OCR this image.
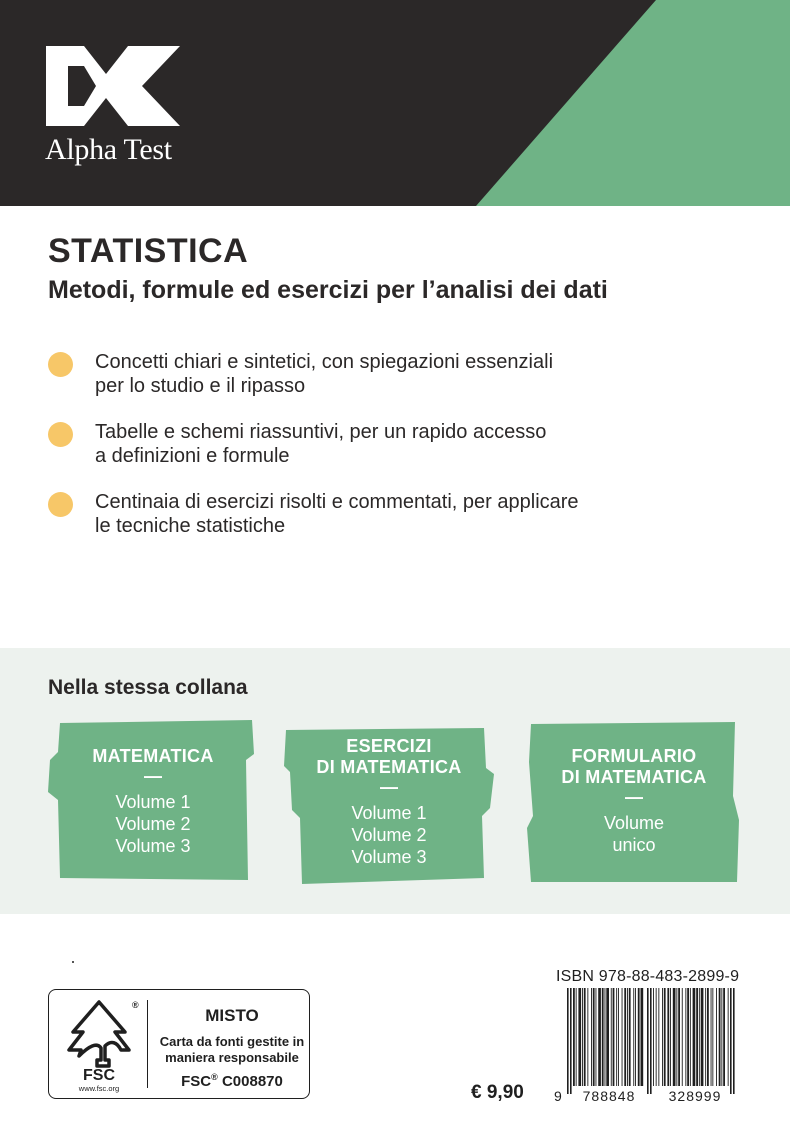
Alpha Test
STATISTICA
Metodi, formule ed esercizi per l’analisi dei dati
Concetti chiari e sintetici, con spiegazioni essenziali
per lo studio e il ripasso
Tabelle e schemi riassuntivi, per un rapido accesso
a definizioni e formule
Centinaia di esercizi risolti e commentati, per applicare
le tecniche statistiche
Nella stessa collana
MATEMATICA
—
Volume 1
Volume 2
Volume 3
ESERCIZI
DI MATEMATICA
—
Volume 1
Volume 2
Volume 3
FORMULARIO
DI MATEMATICA
—
Volume
unico
®
FSC
www.fsc.org
MISTO
Carta da fonti gestite in
maniera responsabile
FSC® C008870
€ 9,90
ISBN 978-88-483-2899-9
9 788848 328999
